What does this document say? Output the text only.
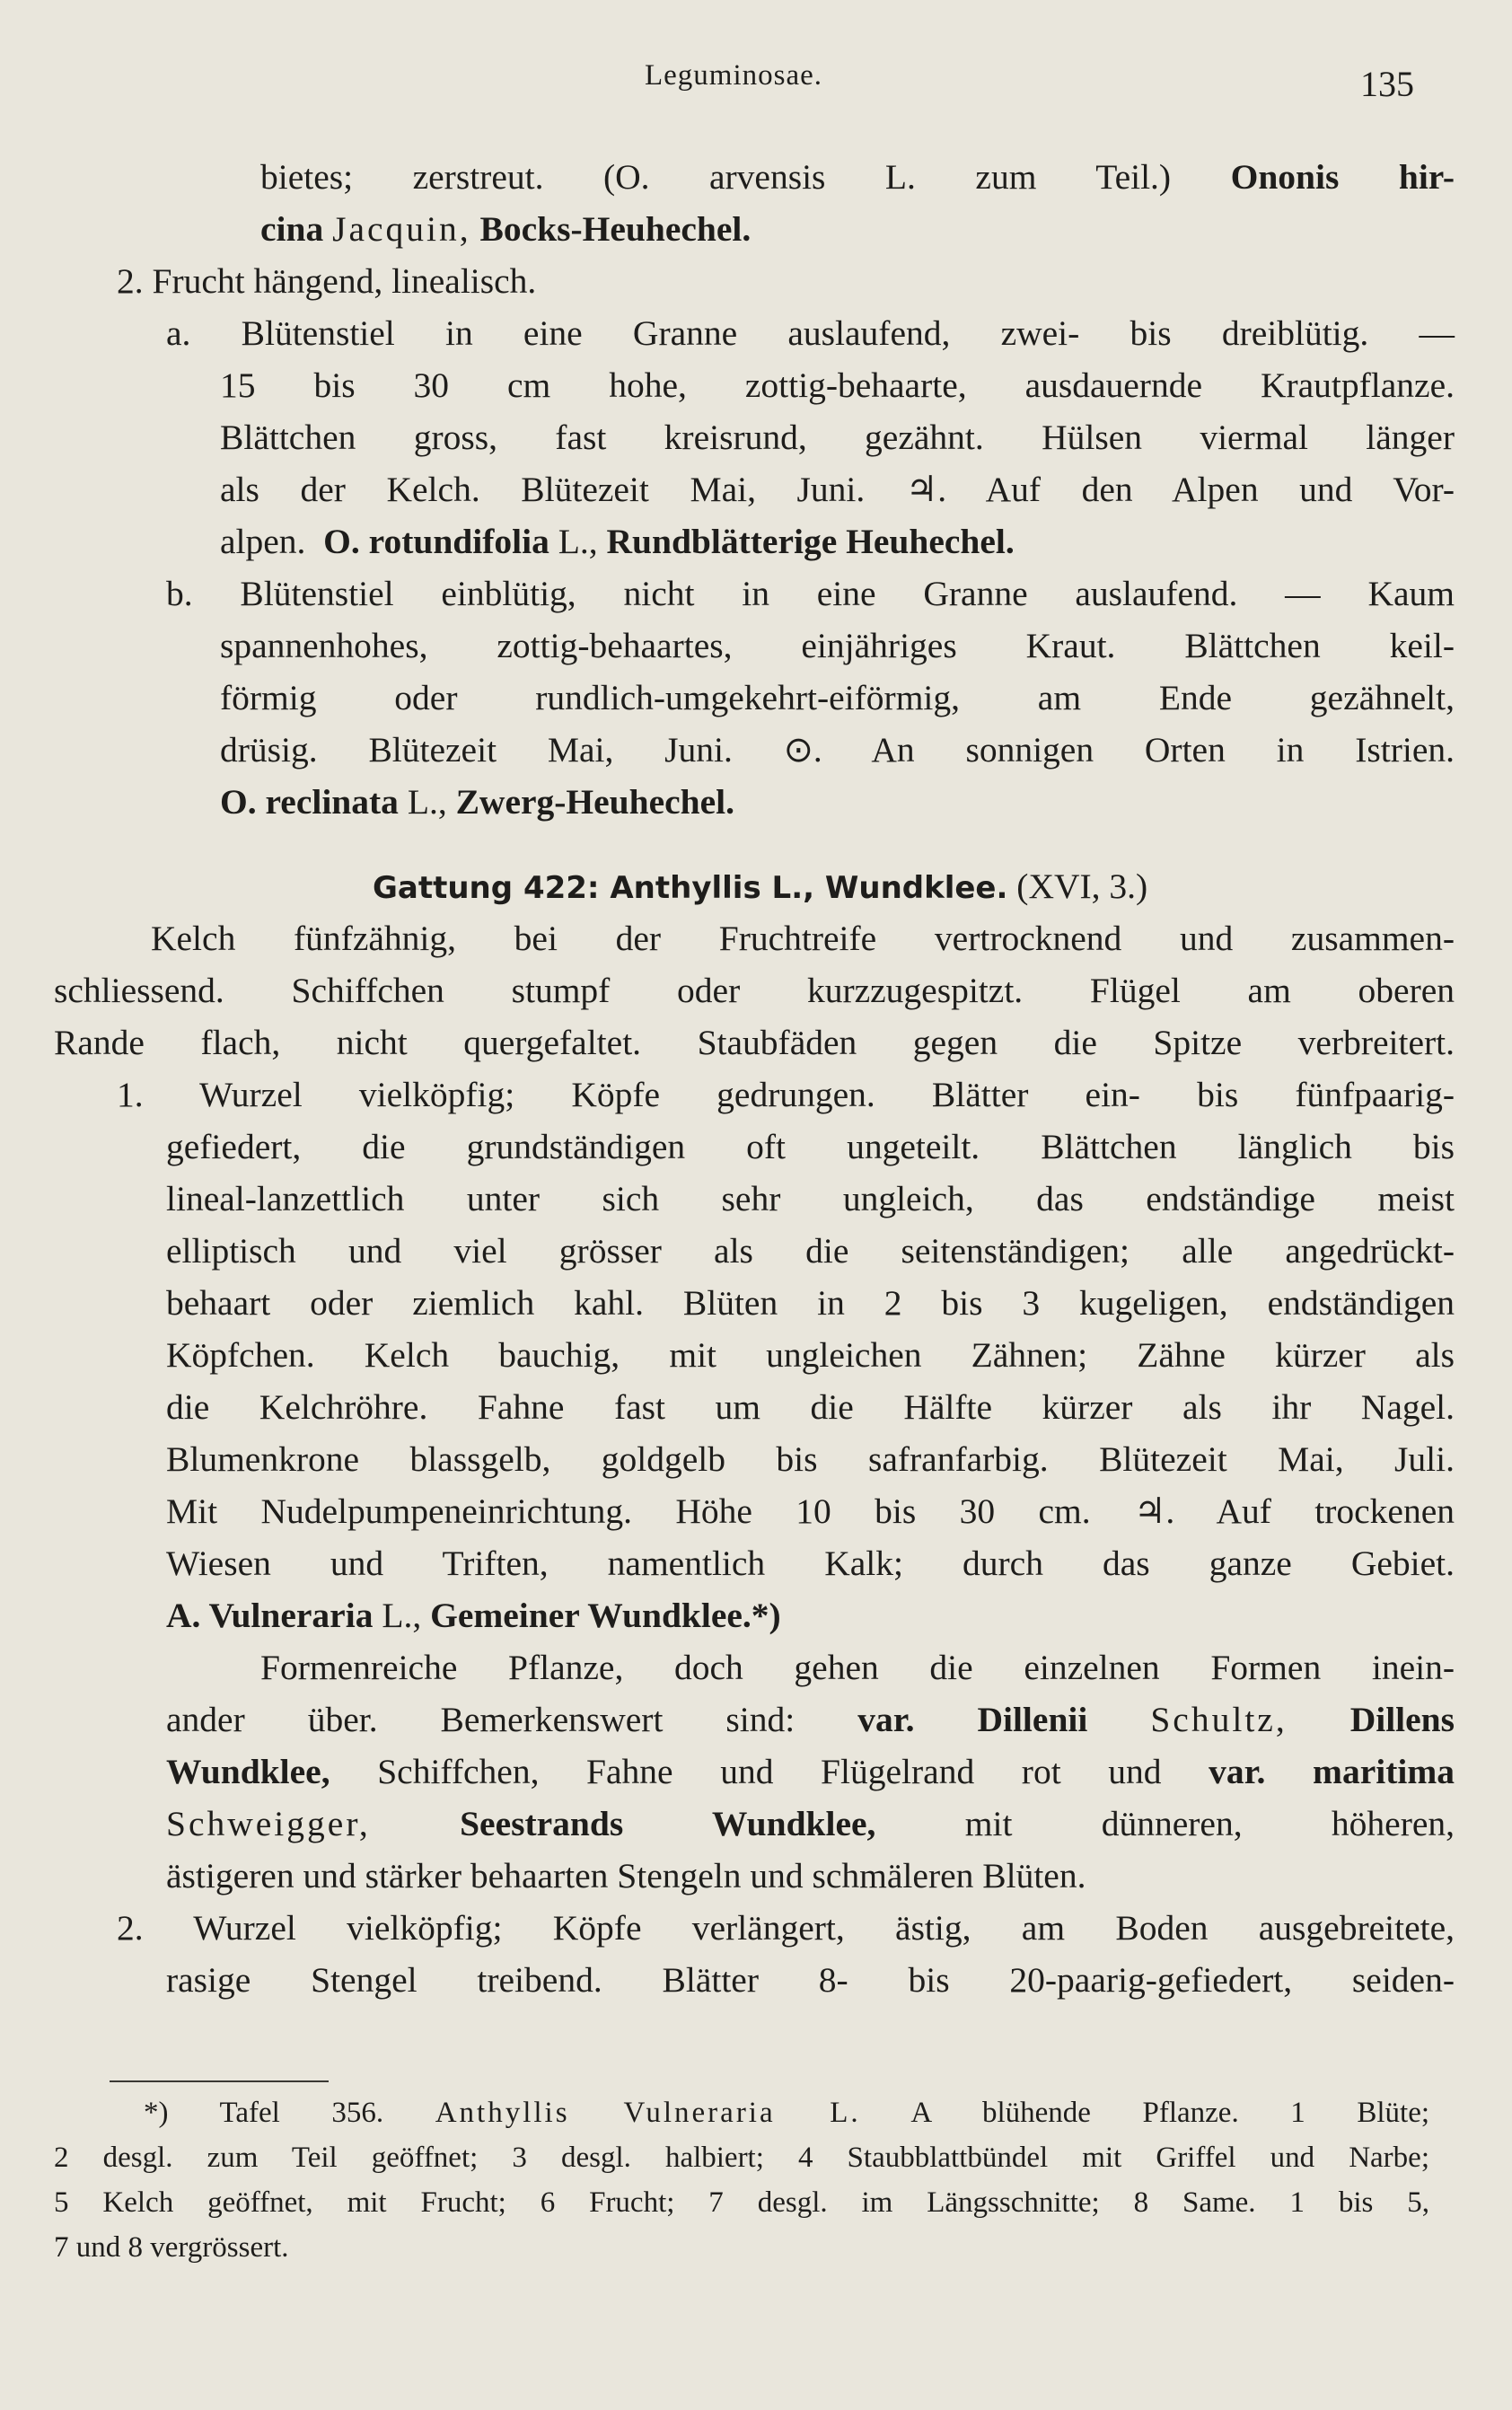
Leguminosae.	135
bietes; zerstreut. (O. arvensis L. zum Teil.) Ononis hir-
cina Jacquin, Bocks-Heuhechel.
2. Frucht hängend, linealisch.
a. Blütenstiel in eine Granne auslaufend, zwei- bis dreiblütig. —
15 bis 30 cm hohe, zottig-behaarte, ausdauernde Krautpflanze.
Blättchen gross, fast kreisrund, gezähnt. Hülsen viermal länger
als der Kelch. Blütezeit Mai, Juni. ♃. Auf den Alpen und Vor-
alpen. O. rotundifolia L., Rundblätterige Heuhechel.
b. Blütenstiel einblütig, nicht in eine Granne auslaufend. — Kaum
spannenhohes, zottig-behaartes, einjähriges Kraut. Blättchen keil-
förmig oder rundlich-umgekehrt-eiförmig, am Ende gezähnelt,
drüsig. Blütezeit Mai, Juni. ⊙. An sonnigen Orten in Istrien.
O. reclinata L., Zwerg-Heuhechel.
Gattung 422: Anthyllis L., Wundklee. (XVI, 3.)
Kelch fünfzähnig, bei der Fruchtreife vertrocknend und zusammen-
schliessend. Schiffchen stumpf oder kurzzugespitzt. Flügel am oberen
Rande flach, nicht quergefaltet. Staubfäden gegen die Spitze verbreitert.
1. Wurzel vielköpfig; Köpfe gedrungen. Blätter ein- bis fünfpaarig-
gefiedert, die grundständigen oft ungeteilt. Blättchen länglich bis
lineal-lanzettlich unter sich sehr ungleich, das endständige meist
elliptisch und viel grösser als die seitenständigen; alle angedrückt-
behaart oder ziemlich kahl. Blüten in 2 bis 3 kugeligen, endständigen
Köpfchen. Kelch bauchig, mit ungleichen Zähnen; Zähne kürzer als
die Kelchröhre. Fahne fast um die Hälfte kürzer als ihr Nagel.
Blumenkrone blassgelb, goldgelb bis safranfarbig. Blütezeit Mai, Juli.
Mit Nudelpumpeneinrichtung. Höhe 10 bis 30 cm. ♃. Auf trockenen
Wiesen und Triften, namentlich Kalk; durch das ganze Gebiet.
A. Vulneraria L., Gemeiner Wundklee.*)
Formenreiche Pflanze, doch gehen die einzelnen Formen inein-
ander über. Bemerkenswert sind: var. Dillenii Schultz, Dillens
Wundklee, Schiffchen, Fahne und Flügelrand rot und var. maritima
Schweigger,	Seestrands Wundklee,	mit dünneren, höheren,
ästigeren und stärker behaarten Stengeln und schmäleren Blüten.
2. Wurzel vielköpfig; Köpfe verlängert, ästig, am Boden ausgebreitete,
rasige Stengel treibend. Blätter 8- bis 20-paarig-gefiedert, seiden-
*) Tafel 356. Anthyllis Vulneraria L. A blühende Pflanze. 1 Blüte;
2 desgl. zum Teil geöffnet; 3 desgl. halbiert; 4 Staubblattbündel mit Griffel und Narbe;
5 Kelch geöffnet, mit Frucht; 6 Frucht; 7 desgl. im Längsschnitte; 8 Same. 1 bis 5,
7 und 8 vergrössert.
